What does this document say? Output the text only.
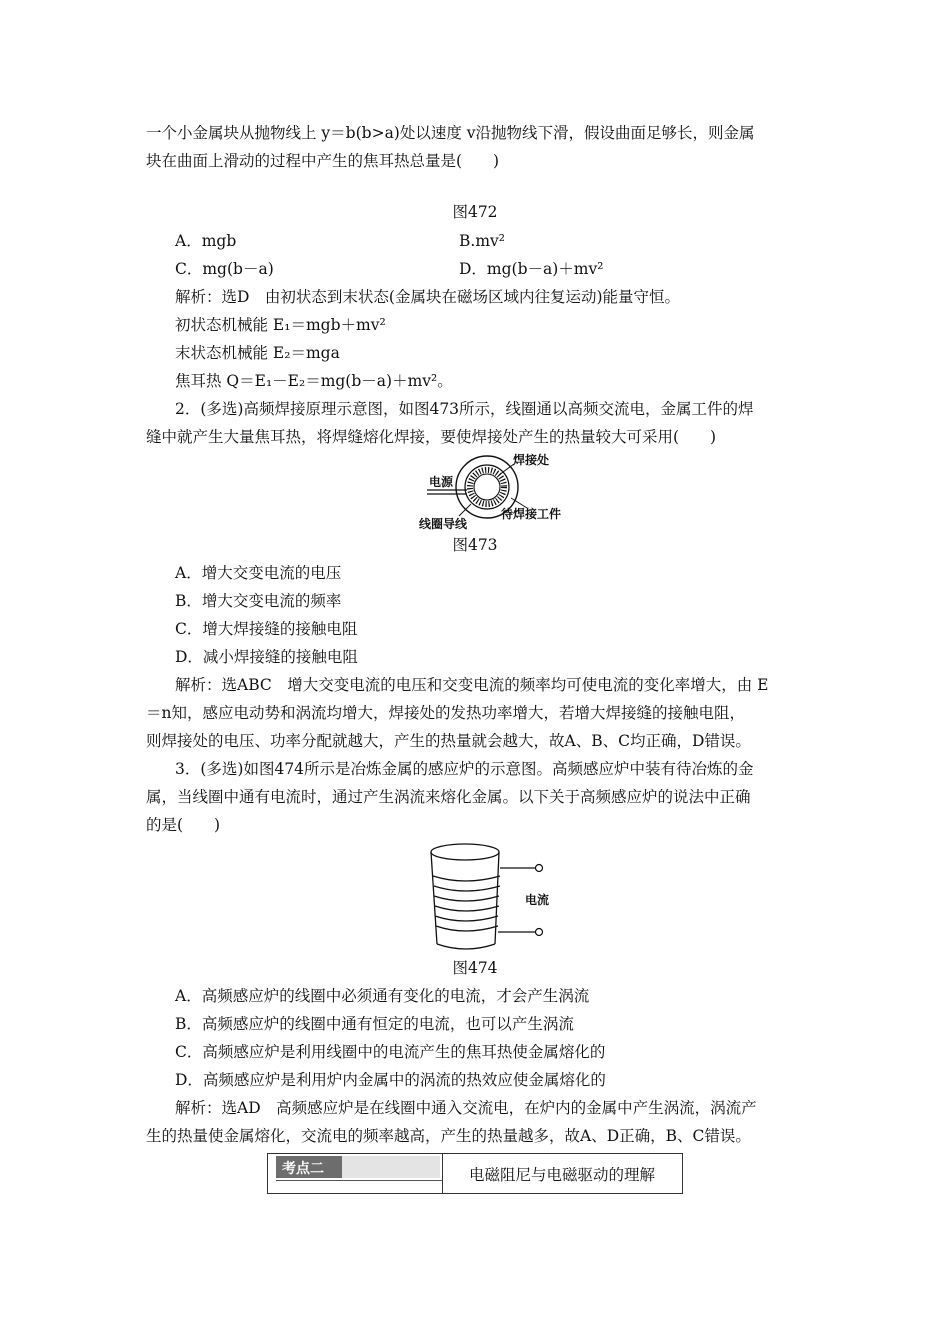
一个小金属块从抛物线上 y＝b(b>a)处以速度 v沿抛物线下滑，假设曲面足够长，则金属
块在曲面上滑动的过程中产生的焦耳热总量是(　　)
图472
A．mgb	B.mv²
C．mg(b－a)	D．mg(b－a)＋mv²
解析：选D　由初状态到末状态(金属块在磁场区域内往复运动)能量守恒。
初状态机械能 E₁＝mgb＋mv²
末状态机械能 E₂＝mga
焦耳热 Q＝E₁－E₂＝mg(b－a)＋mv²。
2．(多选)高频焊接原理示意图，如图473所示，线圈通以高频交流电，金属工件的焊
缝中就产生大量焦耳热，将焊缝熔化焊接，要使焊接处产生的热量较大可采用(　　)
焊接处
电源
线圈导线
待焊接工件
图473
A．增大交变电流的电压
B．增大交变电流的频率
C．增大焊接缝的接触电阻
D．减小焊接缝的接触电阻
解析：选ABC　增大交变电流的电压和交变电流的频率均可使电流的变化率增大，由 E
＝n知，感应电动势和涡流均增大，焊接处的发热功率增大，若增大焊接缝的接触电阻，
则焊接处的电压、功率分配就越大，产生的热量就会越大，故A、B、C均正确，D错误。
3．(多选)如图474所示是冶炼金属的感应炉的示意图。高频感应炉中装有待冶炼的金
属，当线圈中通有电流时，通过产生涡流来熔化金属。以下关于高频感应炉的说法中正确
的是(　　)
电流
图474
A．高频感应炉的线圈中必须通有变化的电流，才会产生涡流
B．高频感应炉的线圈中通有恒定的电流，也可以产生涡流
C．高频感应炉是利用线圈中的电流产生的焦耳热使金属熔化的
D．高频感应炉是利用炉内金属中的涡流的热效应使金属熔化的
解析：选AD　高频感应炉是在线圈中通入交流电，在炉内的金属中产生涡流，涡流产
生的热量使金属熔化，交流电的频率越高，产生的热量越多，故A、D正确，B、C错误。
考点二	电磁阻尼与电磁驱动的理解
